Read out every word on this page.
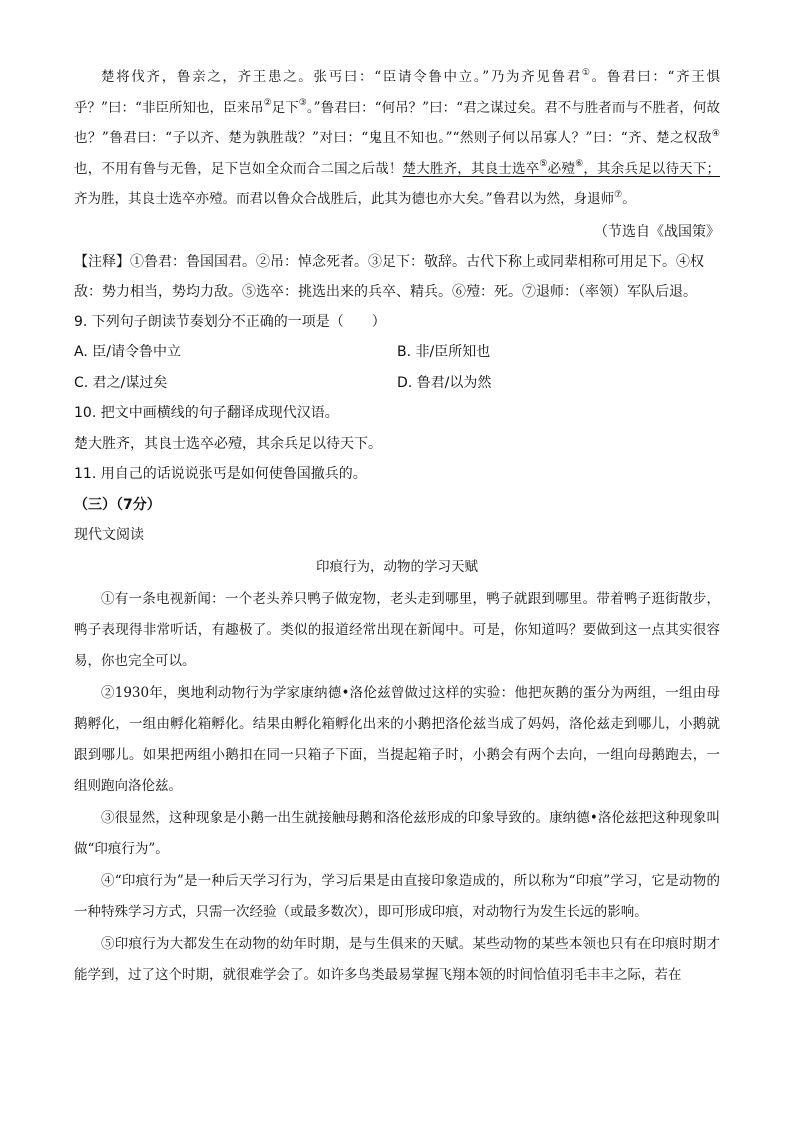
楚将伐齐，鲁亲之，齐王患之。张丐曰：“臣请令鲁中立。”乃为齐见鲁君①。鲁君曰：“齐王惧乎？”曰：“非臣所知也，臣来吊②足下③。”鲁君曰：“何吊？”曰：“君之谋过矣。君不与胜者而与不胜者，何故也？”鲁君曰：“子以齐、楚为孰胜哉？”对曰：“鬼且不知也。”“然则子何以吊寡人？”曰：“齐、楚之权敌④也，不用有鲁与无鲁，足下岂如全众而合二国之后哉！楚大胜齐，其良士选卒⑤必殪⑥，其余兵足以待天下；齐为胜，其良士选卒亦殪。而君以鲁众合战胜后，此其为德也亦大矣。”鲁君以为然，身退师⑦。

（节选自《战国策》

【注释】①鲁君：鲁国国君。②吊：悼念死者。③足下：敬辞。古代下称上或同辈相称可用足下。④权敌：势力相当，势均力敌。⑤选卒：挑选出来的兵卒、精兵。⑥殪：死。⑦退师：（率领）军队后退。

9. 下列句子朗读节奏划分不正确的一项是（　　）

A. 臣/请令鲁中立	B. 非/臣所知也
C. 君之/谋过矣	D. 鲁君/以为然

10. 把文中画横线的句子翻译成现代汉语。

楚大胜齐，其良士选卒必殪，其余兵足以待天下。

11. 用自己的话说说张丐是如何使鲁国撤兵的。

（三）（7分）

现代文阅读

印痕行为，动物的学习天赋

①有一条电视新闻：一个老头养只鸭子做宠物，老头走到哪里，鸭子就跟到哪里。带着鸭子逛街散步，鸭子表现得非常听话，有趣极了。类似的报道经常出现在新闻中。可是，你知道吗？要做到这一点其实很容易，你也完全可以。

②1930年，奥地利动物行为学家康纳德•洛伦兹曾做过这样的实验：他把灰鹅的蛋分为两组，一组由母鹅孵化，一组由孵化箱孵化。结果由孵化箱孵化出来的小鹅把洛伦兹当成了妈妈，洛伦兹走到哪儿，小鹅就跟到哪儿。如果把两组小鹅扣在同一只箱子下面，当提起箱子时，小鹅会有两个去向，一组向母鹅跑去，一组则跑向洛伦兹。

③很显然，这种现象是小鹅一出生就接触母鹅和洛伦兹形成的印象导致的。康纳德•洛伦兹把这种现象叫做“印痕行为”。

④“印痕行为”是一种后天学习行为，学习后果是由直接印象造成的，所以称为“印痕”学习，它是动物的一种特殊学习方式，只需一次经验（或最多数次），即可形成印痕，对动物行为发生长远的影响。

⑤印痕行为大都发生在动物的幼年时期，是与生俱来的天赋。某些动物的某些本领也只有在印痕时期才能学到，过了这个时期，就很难学会了。如许多鸟类最易掌握飞翔本领的时间恰值羽毛丰丰之际，若在
